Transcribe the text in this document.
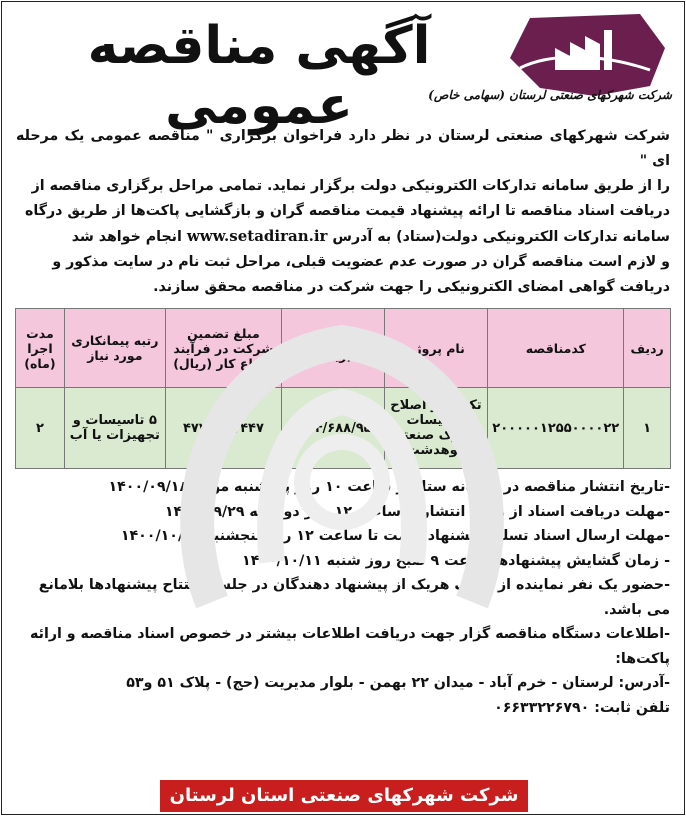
آگهی مناقصه عمومی	شرکت شهرکهای صنعتی لرستان (سهامی خاص)
شرکت شهرکهای صنعتی لرستان در نظر دارد فراخوان برگزاری " مناقصه عمومی یک مرحله ای "
را از طریق سامانه تدارکات الکترونیکی دولت برگزار نماید. تمامی مراحل برگزاری مناقصه از
دریافت اسناد مناقصه تا ارائه پیشنهاد قیمت مناقصه گران و بازگشایی پاکت‌ها از طریق درگاه
سامانه تدارکات الکترونیکی دولت(ستاد) به آدرس www.setadiran.ir انجام خواهد شد
و لازم است مناقصه گران در صورت عدم عضویت قبلی، مراحل ثبت نام در سایت مذکور و
دریافت گواهی امضای الکترونیکی را جهت شرکت در مناقصه محقق سازند.
ردیف	کدمناقصه	نام پروژه	مبلغ برآورد (ریال)	مبلغ تضمین شرکت در فرآیند ارجاع کار (ریال)	رتبه پیمانکاری مورد نیاز	مدت اجرا (ماه)
۱	۲۰۰۰۰۰۱۲۵۵۰۰۰۰۲۲	تکمیل و اصلاح تاسیسات شهرک صنعتی کوهدشت	۹/۴۴۴/۶۸۸/۹۵۹	۴۷۲/۲۳۴/۴۴۷	۵ تاسیسات و تجهیزات یا آب	۲

-تاریخ انتشار مناقصه در سامانه ستاد از ساعت ۱۰ روز پنجشنبه مورخ ۱۴۰۰/۰۹/۱۸

-مهلت دریافت اسناد از زمان انتشار تا ساعت ۱۲ روز دوشنبه ۱۴۰۰/۰۹/۲۹

-مهلت ارسال اسناد تسلیم پیشنهاد قیمت تا ساعت ۱۲ روز پنجشنبه ۱۴۰۰/۱۰/۰۹

- زمان گشایش پیشنهادها ساعت ۹ صبح روز شنبه ۱۴۰۰/۱۰/۱۱

-حضور یک نفر نماینده از طرف هریک از پیشنهاد دهندگان در جلسه افتتاح پیشنهادها بلامانع

می باشد.

-اطلاعات دستگاه مناقصه گزار جهت دریافت اطلاعات بیشتر در خصوص اسناد مناقصه و ارائه

پاکت‌ها:

-آدرس: لرستان - خرم آباد - میدان ۲۲ بهمن - بلوار مدیریت (حج) - پلاک ۵۱ و۵۳

تلفن ثابت: ۰۶۶۳۳۲۲۶۷۹۰

شرکت شهرکهای صنعتی استان لرستان
